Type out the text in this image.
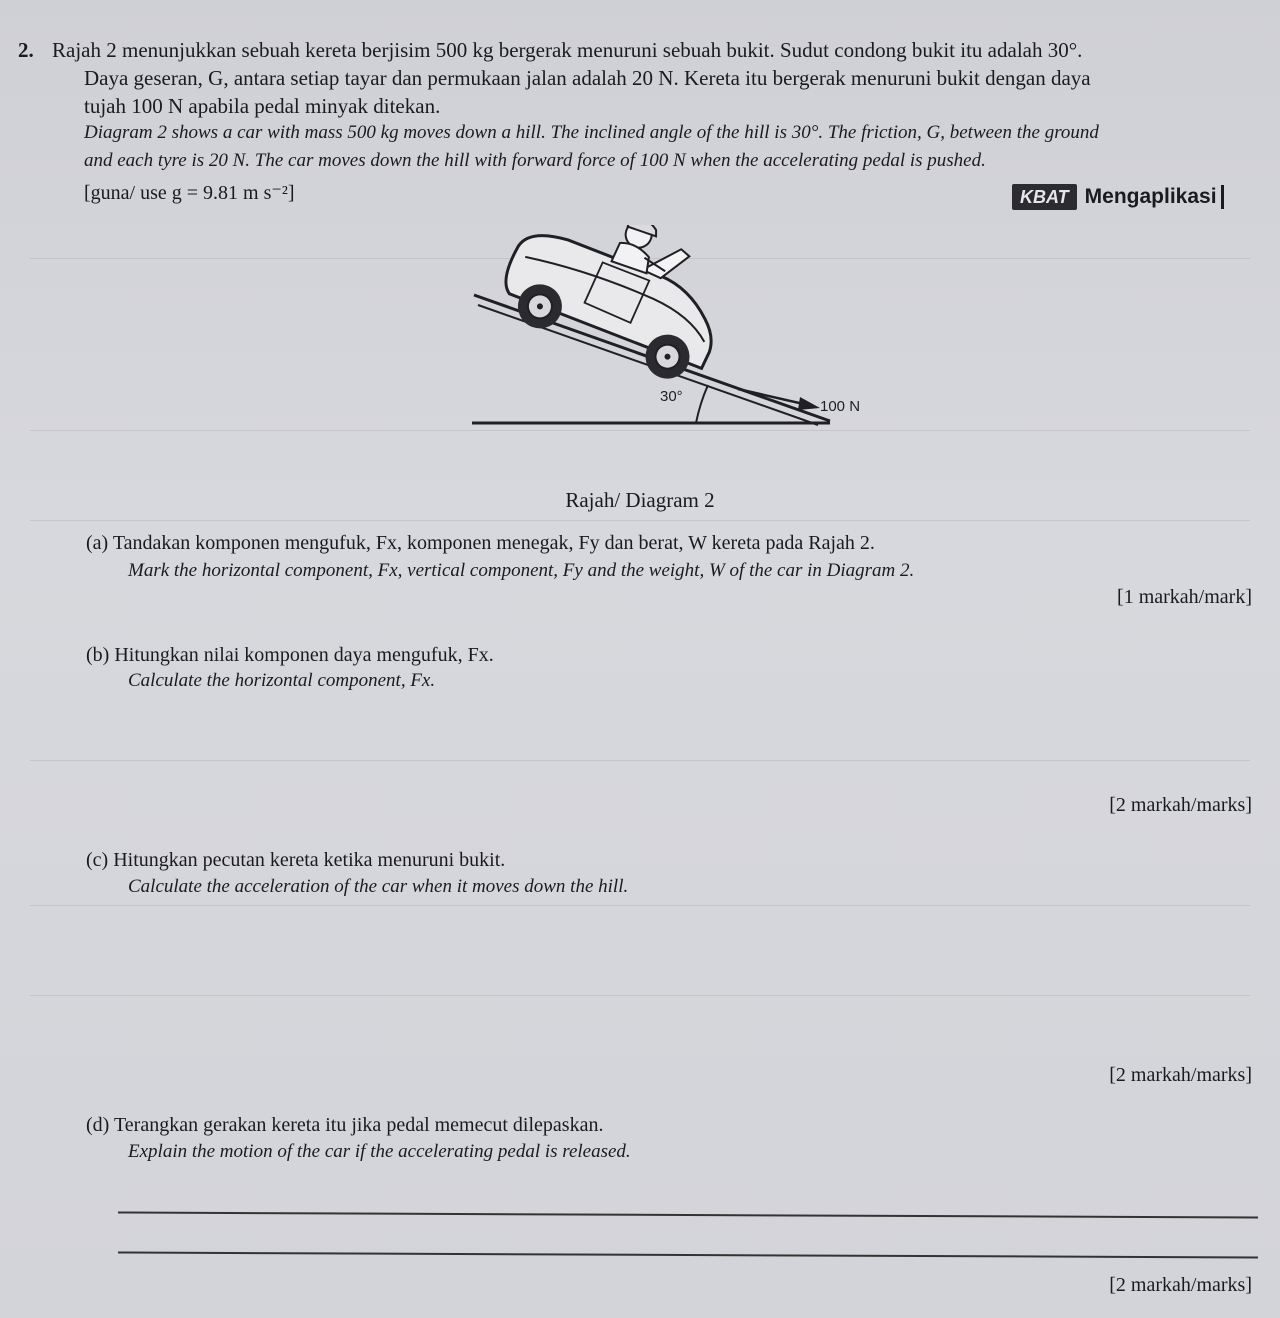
2. Rajah 2 menunjukkan sebuah kereta berjisim 500 kg bergerak menuruni sebuah bukit. Sudut condong bukit itu adalah 30°.
Daya geseran, G, antara setiap tayar dan permukaan jalan adalah 20 N. Kereta itu bergerak menuruni bukit dengan daya
tujah 100 N apabila pedal minyak ditekan.
Diagram 2 shows a car with mass 500 kg moves down a hill. The inclined angle of the hill is 30°. The friction, G, between the ground
and each tyre is 20 N. The car moves down the hill with forward force of 100 N when the accelerating pedal is pushed.
[guna/ use g = 9.81 m s⁻²]	KBAT Mengaplikasi
30°
100 N
Rajah/ Diagram 2
(a) Tandakan komponen mengufuk, Fx, komponen menegak, Fy dan berat, W kereta pada Rajah 2.
Mark the horizontal component, Fx, vertical component, Fy and the weight, W of the car in Diagram 2.
[1 markah/mark]
(b) Hitungkan nilai komponen daya mengufuk, Fx.
Calculate the horizontal component, Fx.
[2 markah/marks]
(c) Hitungkan pecutan kereta ketika menuruni bukit.
Calculate the acceleration of the car when it moves down the hill.
[2 markah/marks]
(d) Terangkan gerakan kereta itu jika pedal memecut dilepaskan.
Explain the motion of the car if the accelerating pedal is released.
[2 markah/marks]
